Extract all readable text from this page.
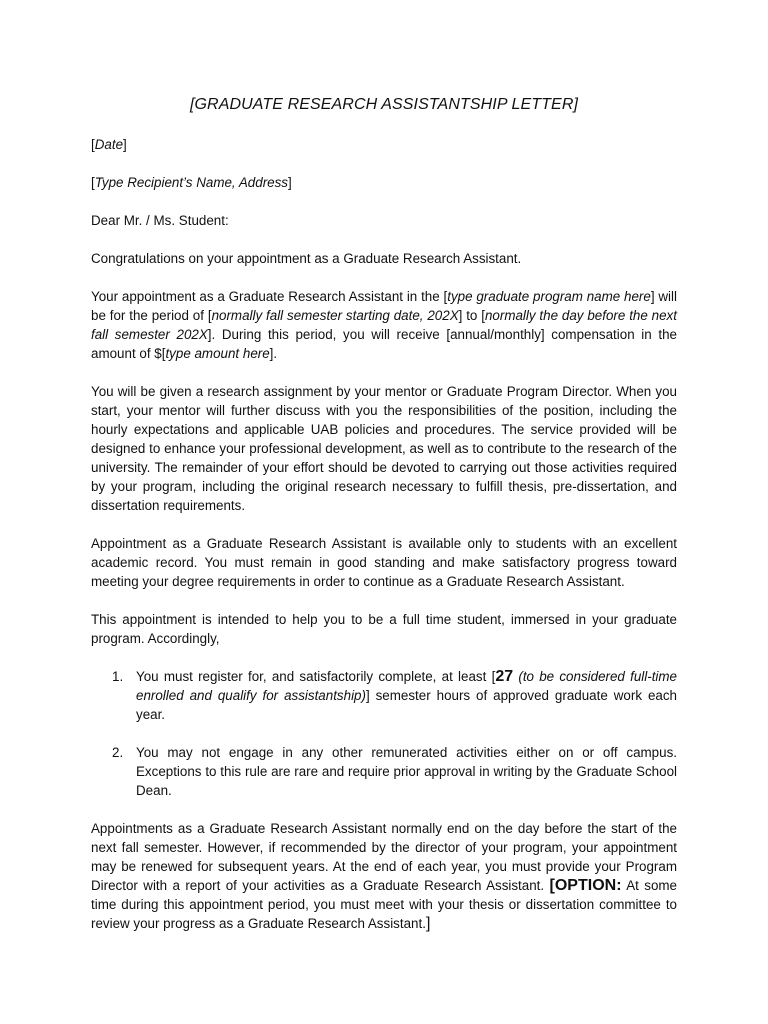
[GRADUATE RESEARCH ASSISTANTSHIP LETTER]

[Date]

[Type Recipient’s Name, Address]

Dear Mr. / Ms. Student:

Congratulations on your appointment as a Graduate Research Assistant.

Your appointment as a Graduate Research Assistant in the [type graduate program name here] will be for the period of [normally fall semester starting date, 202X] to [normally the day before the next fall semester 202X]. During this period, you will receive [annual/monthly] compensation in the amount of $[type amount here].

You will be given a research assignment by your mentor or Graduate Program Director. When you start, your mentor will further discuss with you the responsibilities of the position, including the hourly expectations and applicable UAB policies and procedures. The service provided will be designed to enhance your professional development, as well as to contribute to the research of the university. The remainder of your effort should be devoted to carrying out those activities required by your program, including the original research necessary to fulfill thesis, pre-dissertation, and dissertation requirements.

Appointment as a Graduate Research Assistant is available only to students with an excellent academic record. You must remain in good standing and make satisfactory progress toward meeting your degree requirements in order to continue as a Graduate Research Assistant.

This appointment is intended to help you to be a full time student, immersed in your graduate program. Accordingly,

1. You must register for, and satisfactorily complete, at least [27 (to be considered full-time enrolled and qualify for assistantship)] semester hours of approved graduate work each year.
2. You may not engage in any other remunerated activities either on or off campus. Exceptions to this rule are rare and require prior approval in writing by the Graduate School Dean.

Appointments as a Graduate Research Assistant normally end on the day before the start of the next fall semester. However, if recommended by the director of your program, your appointment may be renewed for subsequent years. At the end of each year, you must provide your Program Director with a report of your activities as a Graduate Research Assistant. [OPTION: At some time during this appointment period, you must meet with your thesis or dissertation committee to review your progress as a Graduate Research Assistant.]
